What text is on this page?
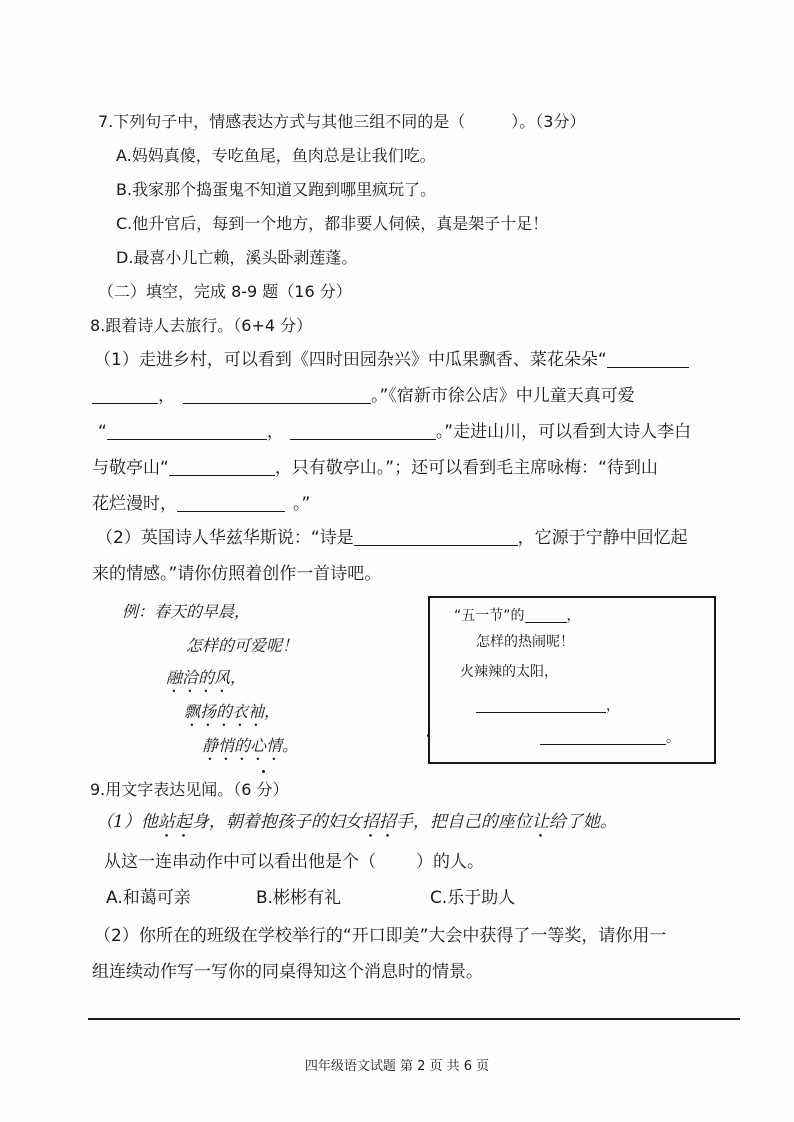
7.下列句子中，情感表达方式与其他三组不同的是（	）。（3分）
A.妈妈真傻，专吃鱼尾，鱼肉总是让我们吃。
B.我家那个捣蛋鬼不知道又跑到哪里疯玩了。
C.他升官后，每到一个地方，都非要人伺候，真是架子十足！
D.最喜小儿亡赖，溪头卧剥莲蓬。
（二）填空，完成 8-9 题（16 分）
8.跟着诗人去旅行。（6+4 分）
（1）走进乡村，可以看到《四时田园杂兴》中瓜果飘香、菜花朵朵“
，	。”《宿新市徐公店》中儿童天真可爱
“	，	。”走进山川，可以看到大诗人李白
与敬亭山“	，只有敬亭山。”；还可以看到毛主席咏梅：“待到山
花烂漫时，	。”
（2）英国诗人华兹华斯说：“诗是	，它源于宁静中回忆起
来的情感。”请你仿照着创作一首诗吧。
例：春天的早晨，
怎样的可爱呢！
融洽的风，
飘扬的衣袖，
静悄的心情。
“五一节”的	，
怎样的热闹呢！
火辣辣的太阳，
，
。
9.用文字表达见闻。（6 分）
（1）他站起身，朝着抱孩子的妇女招招手，把自己的座位让给了她。
从这一连串动作中可以看出他是个（ ）的人。
A.和蔼可亲	B.彬彬有礼	C.乐于助人
（2）你所在的班级在学校举行的“开口即美”大会中获得了一等奖，请你用一
组连续动作写一写你的同桌得知这个消息时的情景。
四年级语文试题 第 2 页 共 6 页
